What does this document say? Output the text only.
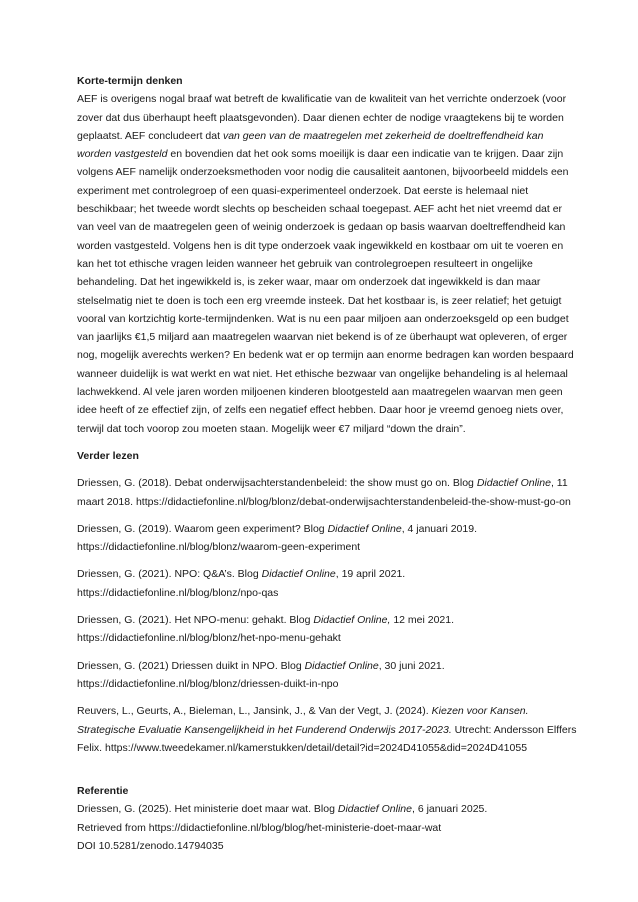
Korte-termijn denken

AEF is overigens nogal braaf wat betreft de kwalificatie van de kwaliteit van het verrichte onderzoek (voor zover dat dus überhaupt heeft plaatsgevonden). Daar dienen echter de nodige vraagtekens bij te worden geplaatst. AEF concludeert dat van geen van de maatregelen met zekerheid de doeltreffendheid kan worden vastgesteld en bovendien dat het ook soms moeilijk is daar een indicatie van te krijgen. Daar zijn volgens AEF namelijk onderzoeksmethoden voor nodig die causaliteit aantonen, bijvoorbeeld middels een experiment met controlegroep of een quasi-experimenteel onderzoek. Dat eerste is helemaal niet beschikbaar; het tweede wordt slechts op bescheiden schaal toegepast. AEF acht het niet vreemd dat er van veel van de maatregelen geen of weinig onderzoek is gedaan op basis waarvan doeltreffendheid kan worden vastgesteld. Volgens hen is dit type onderzoek vaak ingewikkeld en kostbaar om uit te voeren en kan het tot ethische vragen leiden wanneer het gebruik van controlegroepen resulteert in ongelijke behandeling. Dat het ingewikkeld is, is zeker waar, maar om onderzoek dat ingewikkeld is dan maar stelselmatig niet te doen is toch een erg vreemde insteek. Dat het kostbaar is, is zeer relatief; het getuigt vooral van kortzichtig korte-termijndenken. Wat is nu een paar miljoen aan onderzoeksgeld op een budget van jaarlijks €1,5 miljard aan maatregelen waarvan niet bekend is of ze überhaupt wat opleveren, of erger nog, mogelijk averechts werken? En bedenk wat er op termijn aan enorme bedragen kan worden bespaard wanneer duidelijk is wat werkt en wat niet. Het ethische bezwaar van ongelijke behandeling is al helemaal lachwekkend. Al vele jaren worden miljoenen kinderen blootgesteld aan maatregelen waarvan men geen idee heeft of ze effectief zijn, of zelfs een negatief effect hebben. Daar hoor je vreemd genoeg niets over, terwijl dat toch voorop zou moeten staan. Mogelijk weer €7 miljard “down the drain”.

Verder lezen

Driessen, G. (2018). Debat onderwijsachterstandenbeleid: the show must go on. Blog Didactief Online, 11 maart 2018. https://didactiefonline.nl/blog/blonz/debat-onderwijsachterstandenbeleid-the-show-must-go-on

Driessen, G. (2019). Waarom geen experiment? Blog Didactief Online, 4 januari 2019. https://didactiefonline.nl/blog/blonz/waarom-geen-experiment

Driessen, G. (2021). NPO: Q&A’s. Blog Didactief Online, 19 april 2021. https://didactiefonline.nl/blog/blonz/npo-qas

Driessen, G. (2021). Het NPO-menu: gehakt. Blog Didactief Online, 12 mei 2021. https://didactiefonline.nl/blog/blonz/het-npo-menu-gehakt

Driessen, G. (2021) Driessen duikt in NPO. Blog Didactief Online, 30 juni 2021. https://didactiefonline.nl/blog/blonz/driessen-duikt-in-npo

Reuvers, L., Geurts, A., Bieleman, L., Jansink, J., & Van der Vegt, J. (2024). Kiezen voor Kansen. Strategische Evaluatie Kansengelijkheid in het Funderend Onderwijs 2017-2023. Utrecht: Andersson Elffers Felix. https://www.tweedekamer.nl/kamerstukken/detail/detail?id=2024D41055&did=2024D41055

Referentie

Driessen, G. (2025). Het ministerie doet maar wat. Blog Didactief Online, 6 januari 2025.

Retrieved from https://didactiefonline.nl/blog/blog/het-ministerie-doet-maar-wat

DOI 10.5281/zenodo.14794035
